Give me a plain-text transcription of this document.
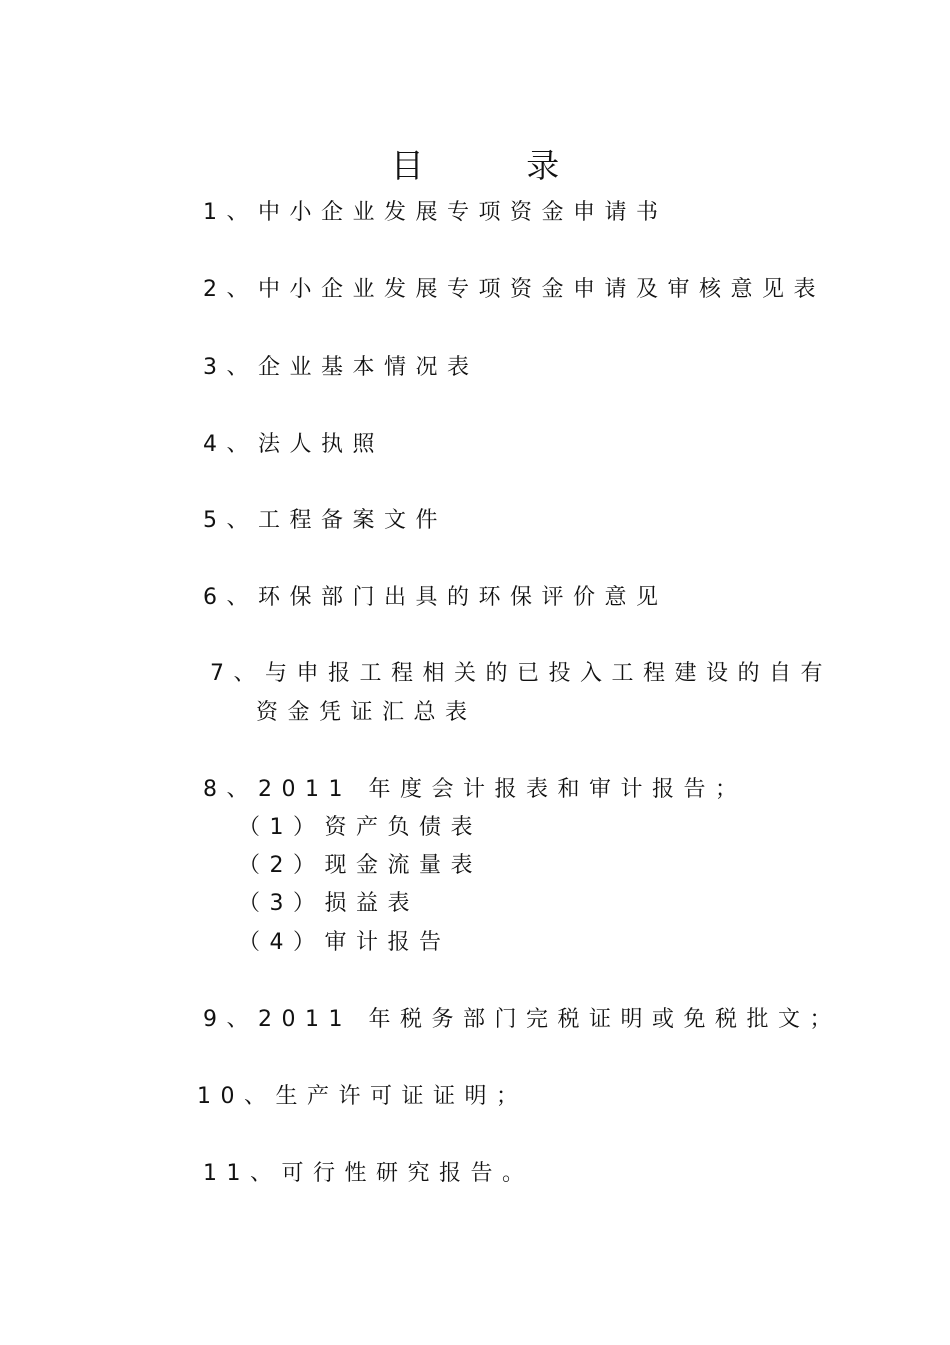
目 录
1、中小企业发展专项资金申请书
2、中小企业发展专项资金申请及审核意见表
3、企业基本情况表
4、法人执照
5、工程备案文件
6、环保部门出具的环保评价意见
7、与申报工程相关的已投入工程建设的自有
资金凭证汇总表
8、2011 年度会计报表和审计报告；
（1）资产负债表
（2）现金流量表
（3）损益表
（4）审计报告
9、2011 年税务部门完税证明或免税批文；
10、生产许可证证明；
11、可行性研究报告。
